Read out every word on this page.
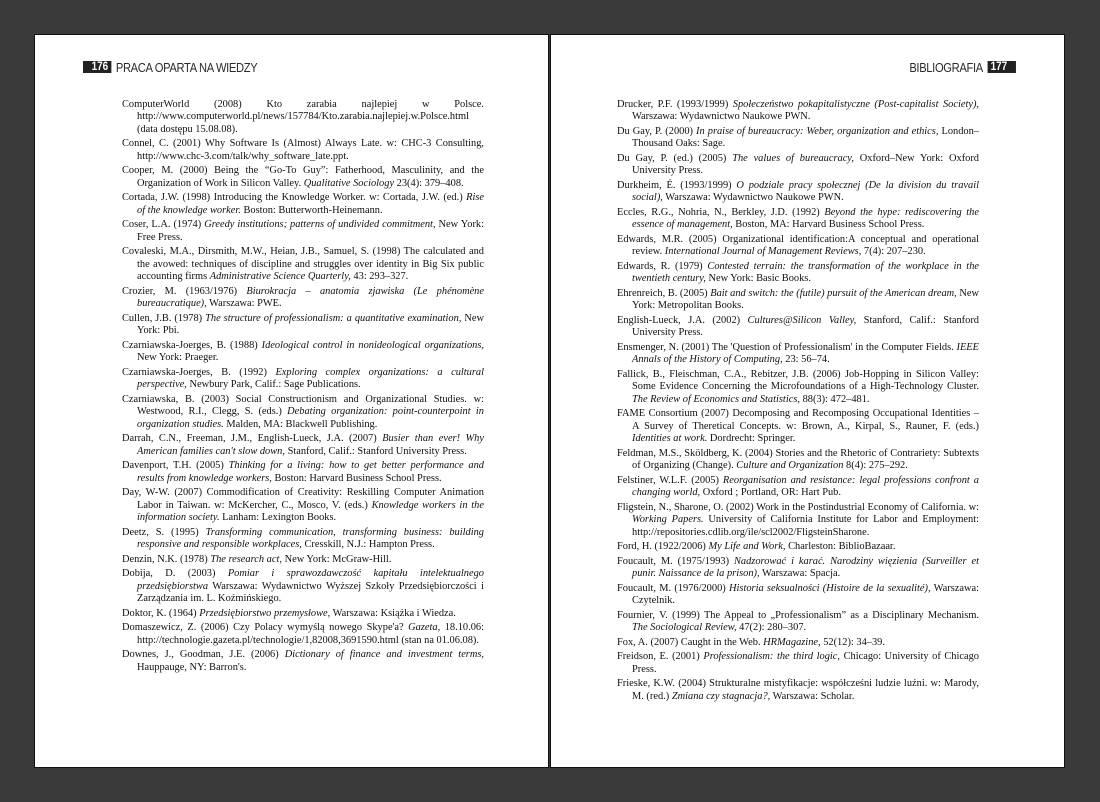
176 PRACA OPARTA NA WIEDZY
ComputerWorld (2008) Kto zarabia najlepiej w Polsce. http://www.computerworld.pl/news/157784/Kto.zarabia.najlepiej.w.Polsce.html (data dostępu 15.08.08).
Connel, C. (2001) Why Software Is (Almost) Always Late. w: CHC-3 Consulting, http://www.chc-3.com/talk/why_software_late.ppt.
Cooper, M. (2000) Being the “Go-To Guy”: Fatherhood, Masculinity, and the Organization of Work in Silicon Valley. Qualitative Sociology 23(4): 379–408.
Cortada, J.W. (1998) Introducing the Knowledge Worker. w: Cortada, J.W. (ed.) Rise of the knowledge worker. Boston: Butterworth-Heinemann.
Coser, L.A. (1974) Greedy institutions; patterns of undivided commitment, New York: Free Press.
Covaleski, M.A., Dirsmith, M.W., Heian, J.B., Samuel, S. (1998) The calculated and the avowed: techniques of discipline and struggles over identity in Big Six public accounting firms Administrative Science Quarterly, 43: 293–327.
Crozier, M. (1963/1976) Biurokracja – anatomia zjawiska (Le phénomène bureaucratique), Warszawa: PWE.
Cullen, J.B. (1978) The structure of professionalism: a quantitative examination, New York: Pbi.
Czarniawska-Joerges, B. (1988) Ideological control in nonideological organizations, New York: Praeger.
Czarniawska-Joerges, B. (1992) Exploring complex organizations: a cultural perspective, Newbury Park, Calif.: Sage Publications.
Czarniawska, B. (2003) Social Constructionism and Organizational Studies. w: Westwood, R.I., Clegg, S. (eds.) Debating organization: point-counterpoint in organization studies. Malden, MA: Blackwell Publishing.
Darrah, C.N., Freeman, J.M., English-Lueck, J.A. (2007) Busier than ever! Why American families can't slow down, Stanford, Calif.: Stanford University Press.
Davenport, T.H. (2005) Thinking for a living: how to get better performance and results from knowledge workers, Boston: Harvard Business School Press.
Day, W-W. (2007) Commodification of Creativity: Reskilling Computer Animation Labor in Taiwan. w: McKercher, C., Mosco, V. (eds.) Knowledge workers in the information society. Lanham: Lexington Books.
Deetz, S. (1995) Transforming communication, transforming business: building responsive and responsible workplaces, Cresskill, N.J.: Hampton Press.
Denzin, N.K. (1978) The research act, New York: McGraw-Hill.
Dobija, D. (2003) Pomiar i sprawozdawczość kapitału intelektualnego przedsiębiorstwa Warszawa: Wydawnictwo Wyższej Szkoły Przedsiębiorczości i Zarządzania im. L. Koźmińskiego.
Doktor, K. (1964) Przedsiębiorstwo przemysłowe, Warszawa: Książka i Wiedza.
Domaszewicz, Z. (2006) Czy Polacy wymyślą nowego Skype'a? Gazeta, 18.10.06: http://technologie.gazeta.pl/technologie/1,82008,3691590.html (stan na 01.06.08).
Downes, J., Goodman, J.E. (2006) Dictionary of finance and investment terms, Hauppauge, NY: Barron's.
BIBLIOGRAFIA 177
Drucker, P.F. (1993/1999) Społeczeństwo pokapitalistyczne (Post-capitalist Society), Warszawa: Wydawnictwo Naukowe PWN.
Du Gay, P. (2000) In praise of bureaucracy: Weber, organization and ethics, London–Thousand Oaks: Sage.
Du Gay, P. (ed.) (2005) The values of bureaucracy, Oxford–New York: Oxford University Press.
Durkheim, É. (1993/1999) O podziale pracy społecznej (De la division du travail social), Warszawa: Wydawnictwo Naukowe PWN.
Eccles, R.G., Nohria, N., Berkley, J.D. (1992) Beyond the hype: rediscovering the essence of management, Boston, MA: Harvard Business School Press.
Edwards, M.R. (2005) Organizational identification:A conceptual and operational review. International Journal of Management Reviews, 7(4): 207–230.
Edwards, R. (1979) Contested terrain: the transformation of the workplace in the twentieth century, New York: Basic Books.
Ehrenreich, B. (2005) Bait and switch: the (futile) pursuit of the American dream, New York: Metropolitan Books.
English-Lueck, J.A. (2002) Cultures@Silicon Valley, Stanford, Calif.: Stanford University Press.
Ensmenger, N. (2001) The 'Question of Professionalism' in the Computer Fields. IEEE Annals of the History of Computing, 23: 56–74.
Fallick, B., Fleischman, C.A., Rebitzer, J.B. (2006) Job-Hopping in Silicon Valley: Some Evidence Concerning the Microfoundations of a High-Technology Cluster. The Review of Economics and Statistics, 88(3): 472–481.
FAME Consortium (2007) Decomposing and Recomposing Occupational Identities – A Survey of Theretical Concepts. w: Brown, A., Kirpal, S., Rauner, F. (eds.) Identities at work. Dordrecht: Springer.
Feldman, M.S., Sköldberg, K. (2004) Stories and the Rhetoric of Contrariety: Subtexts of Organizing (Change). Culture and Organization 8(4): 275–292.
Felstiner, W.L.F. (2005) Reorganisation and resistance: legal professions confront a changing world, Oxford ; Portland, OR: Hart Pub.
Fligstein, N., Sharone, O. (2002) Work in the Postindustrial Economy of California. w: Working Papers. University of California Institute for Labor and Employment: http://repositories.cdlib.org/ile/scl2002/FligsteinSharone.
Ford, H. (1922/2006) My Life and Work, Charleston: BiblioBazaar.
Foucault, M. (1975/1993) Nadzorować i karać. Narodziny więzienia (Surveiller et punir. Naissance de la prison), Warszawa: Spacja.
Foucault, M. (1976/2000) Historia seksualności (Histoire de la sexualité), Warszawa: Czytelnik.
Fournier, V. (1999) The Appeal to „Professionalism” as a Disciplinary Mechanism. The Sociological Review, 47(2): 280–307.
Fox, A. (2007) Caught in the Web. HRMagazine, 52(12): 34–39.
Freidson, E. (2001) Professionalism: the third logic, Chicago: University of Chicago Press.
Frieske, K.W. (2004) Strukturalne mistyfikacje: współcześni ludzie luźni. w: Marody, M. (red.) Zmiana czy stagnacja?, Warszawa: Scholar.
